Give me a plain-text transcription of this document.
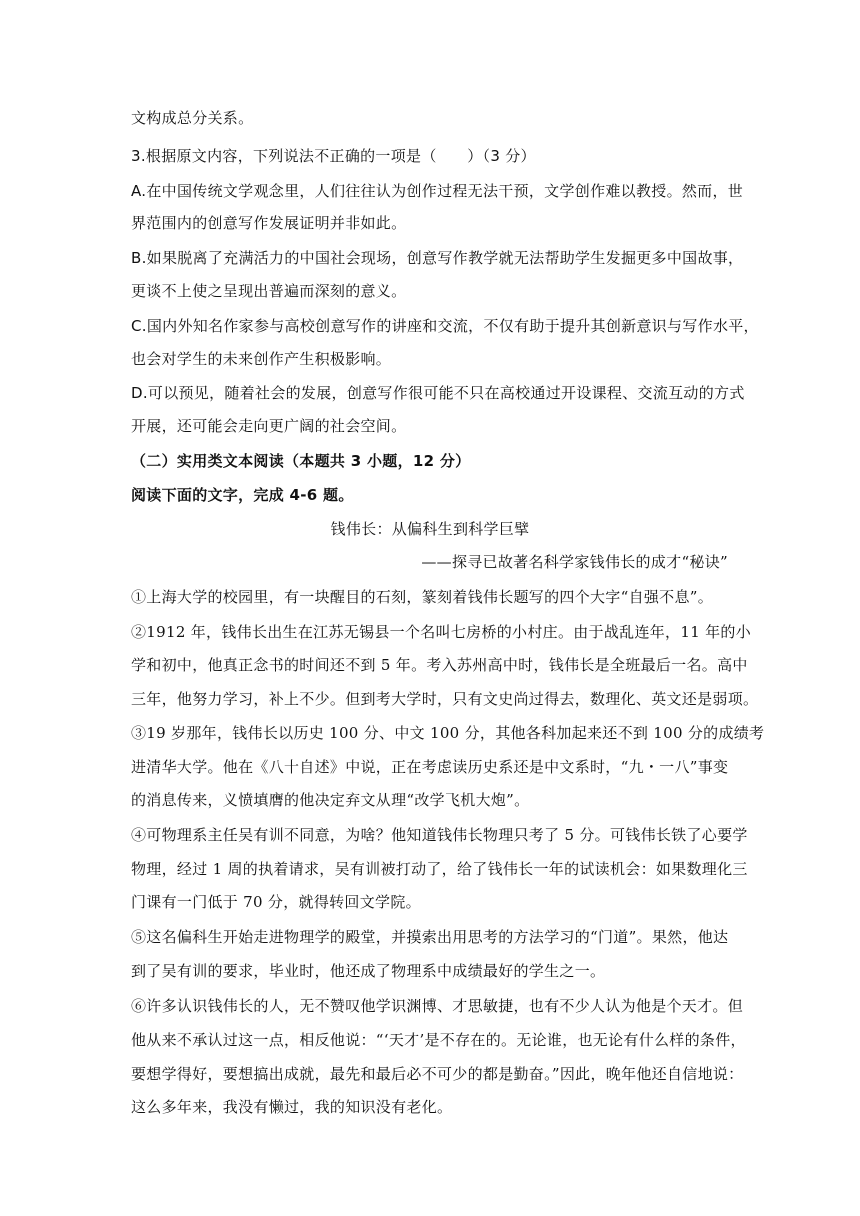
文构成总分关系。
3.根据原文内容，下列说法不正确的一项是（　　）（3 分）
A.在中国传统文学观念里，人们往往认为创作过程无法干预，文学创作难以教授。然而，世
界范围内的创意写作发展证明并非如此。
B.如果脱离了充满活力的中国社会现场，创意写作教学就无法帮助学生发掘更多中国故事，
更谈不上使之呈现出普遍而深刻的意义。
C.国内外知名作家参与高校创意写作的讲座和交流，不仅有助于提升其创新意识与写作水平，
也会对学生的未来创作产生积极影响。
D.可以预见，随着社会的发展，创意写作很可能不只在高校通过开设课程、交流互动的方式
开展，还可能会走向更广阔的社会空间。
（二）实用类文本阅读（本题共 3 小题，12 分）
阅读下面的文字，完成 4-6 题。
钱伟长：从偏科生到科学巨擘
——探寻已故著名科学家钱伟长的成才“秘诀”
①上海大学的校园里，有一块醒目的石刻，篆刻着钱伟长题写的四个大字“自强不息”。
②1912 年，钱伟长出生在江苏无锡县一个名叫七房桥的小村庄。由于战乱连年，11 年的小
学和初中，他真正念书的时间还不到 5 年。考入苏州高中时，钱伟长是全班最后一名。高中
三年，他努力学习，补上不少。但到考大学时，只有文史尚过得去，数理化、英文还是弱项。
③19 岁那年，钱伟长以历史 100 分、中文 100 分，其他各科加起来还不到 100 分的成绩考
进清华大学。他在《八十自述》中说，正在考虑读历史系还是中文系时，“九・一八”事变
的消息传来，义愤填膺的他决定弃文从理“改学飞机大炮”。
④可物理系主任吴有训不同意，为啥？他知道钱伟长物理只考了 5 分。可钱伟长铁了心要学
物理，经过 1 周的执着请求，吴有训被打动了，给了钱伟长一年的试读机会：如果数理化三
门课有一门低于 70 分，就得转回文学院。
⑤这名偏科生开始走进物理学的殿堂，并摸索出用思考的方法学习的“门道”。果然，他达
到了吴有训的要求，毕业时，他还成了物理系中成绩最好的学生之一。
⑥许多认识钱伟长的人，无不赞叹他学识渊博、才思敏捷，也有不少人认为他是个天才。但
他从来不承认过这一点，相反他说：“‘天才’是不存在的。无论谁，也无论有什么样的条件，
要想学得好，要想搞出成就，最先和最后必不可少的都是勤奋。”因此，晚年他还自信地说：
这么多年来，我没有懒过，我的知识没有老化。
